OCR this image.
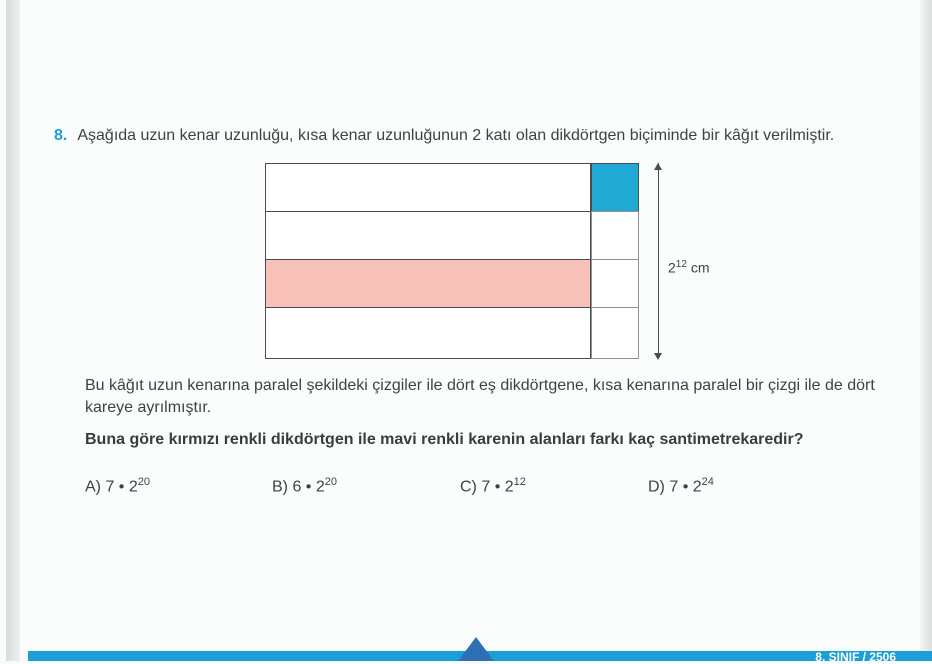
8. Aşağıda uzun kenar uzunluğu, kısa kenar uzunluğunun 2 katı olan dikdörtgen biçiminde bir kâğıt verilmiştir.
$2^{12}$ cm
Bu kâğıt uzun kenarına paralel şekildeki çizgiler ile dört eş dikdörtgene, kısa kenarına paralel bir çizgi ile de dört kareye ayrılmıştır.
Buna göre kırmızı renkli dikdörtgen ile mavi renkli karenin alanları farkı kaç santimetrekaredir?
A) 7 • $2^{20}$	B) 6 • $2^{20}$	C) 7 • $2^{12}$	D) 7 • $2^{24}$
8. SINIF / 2506
